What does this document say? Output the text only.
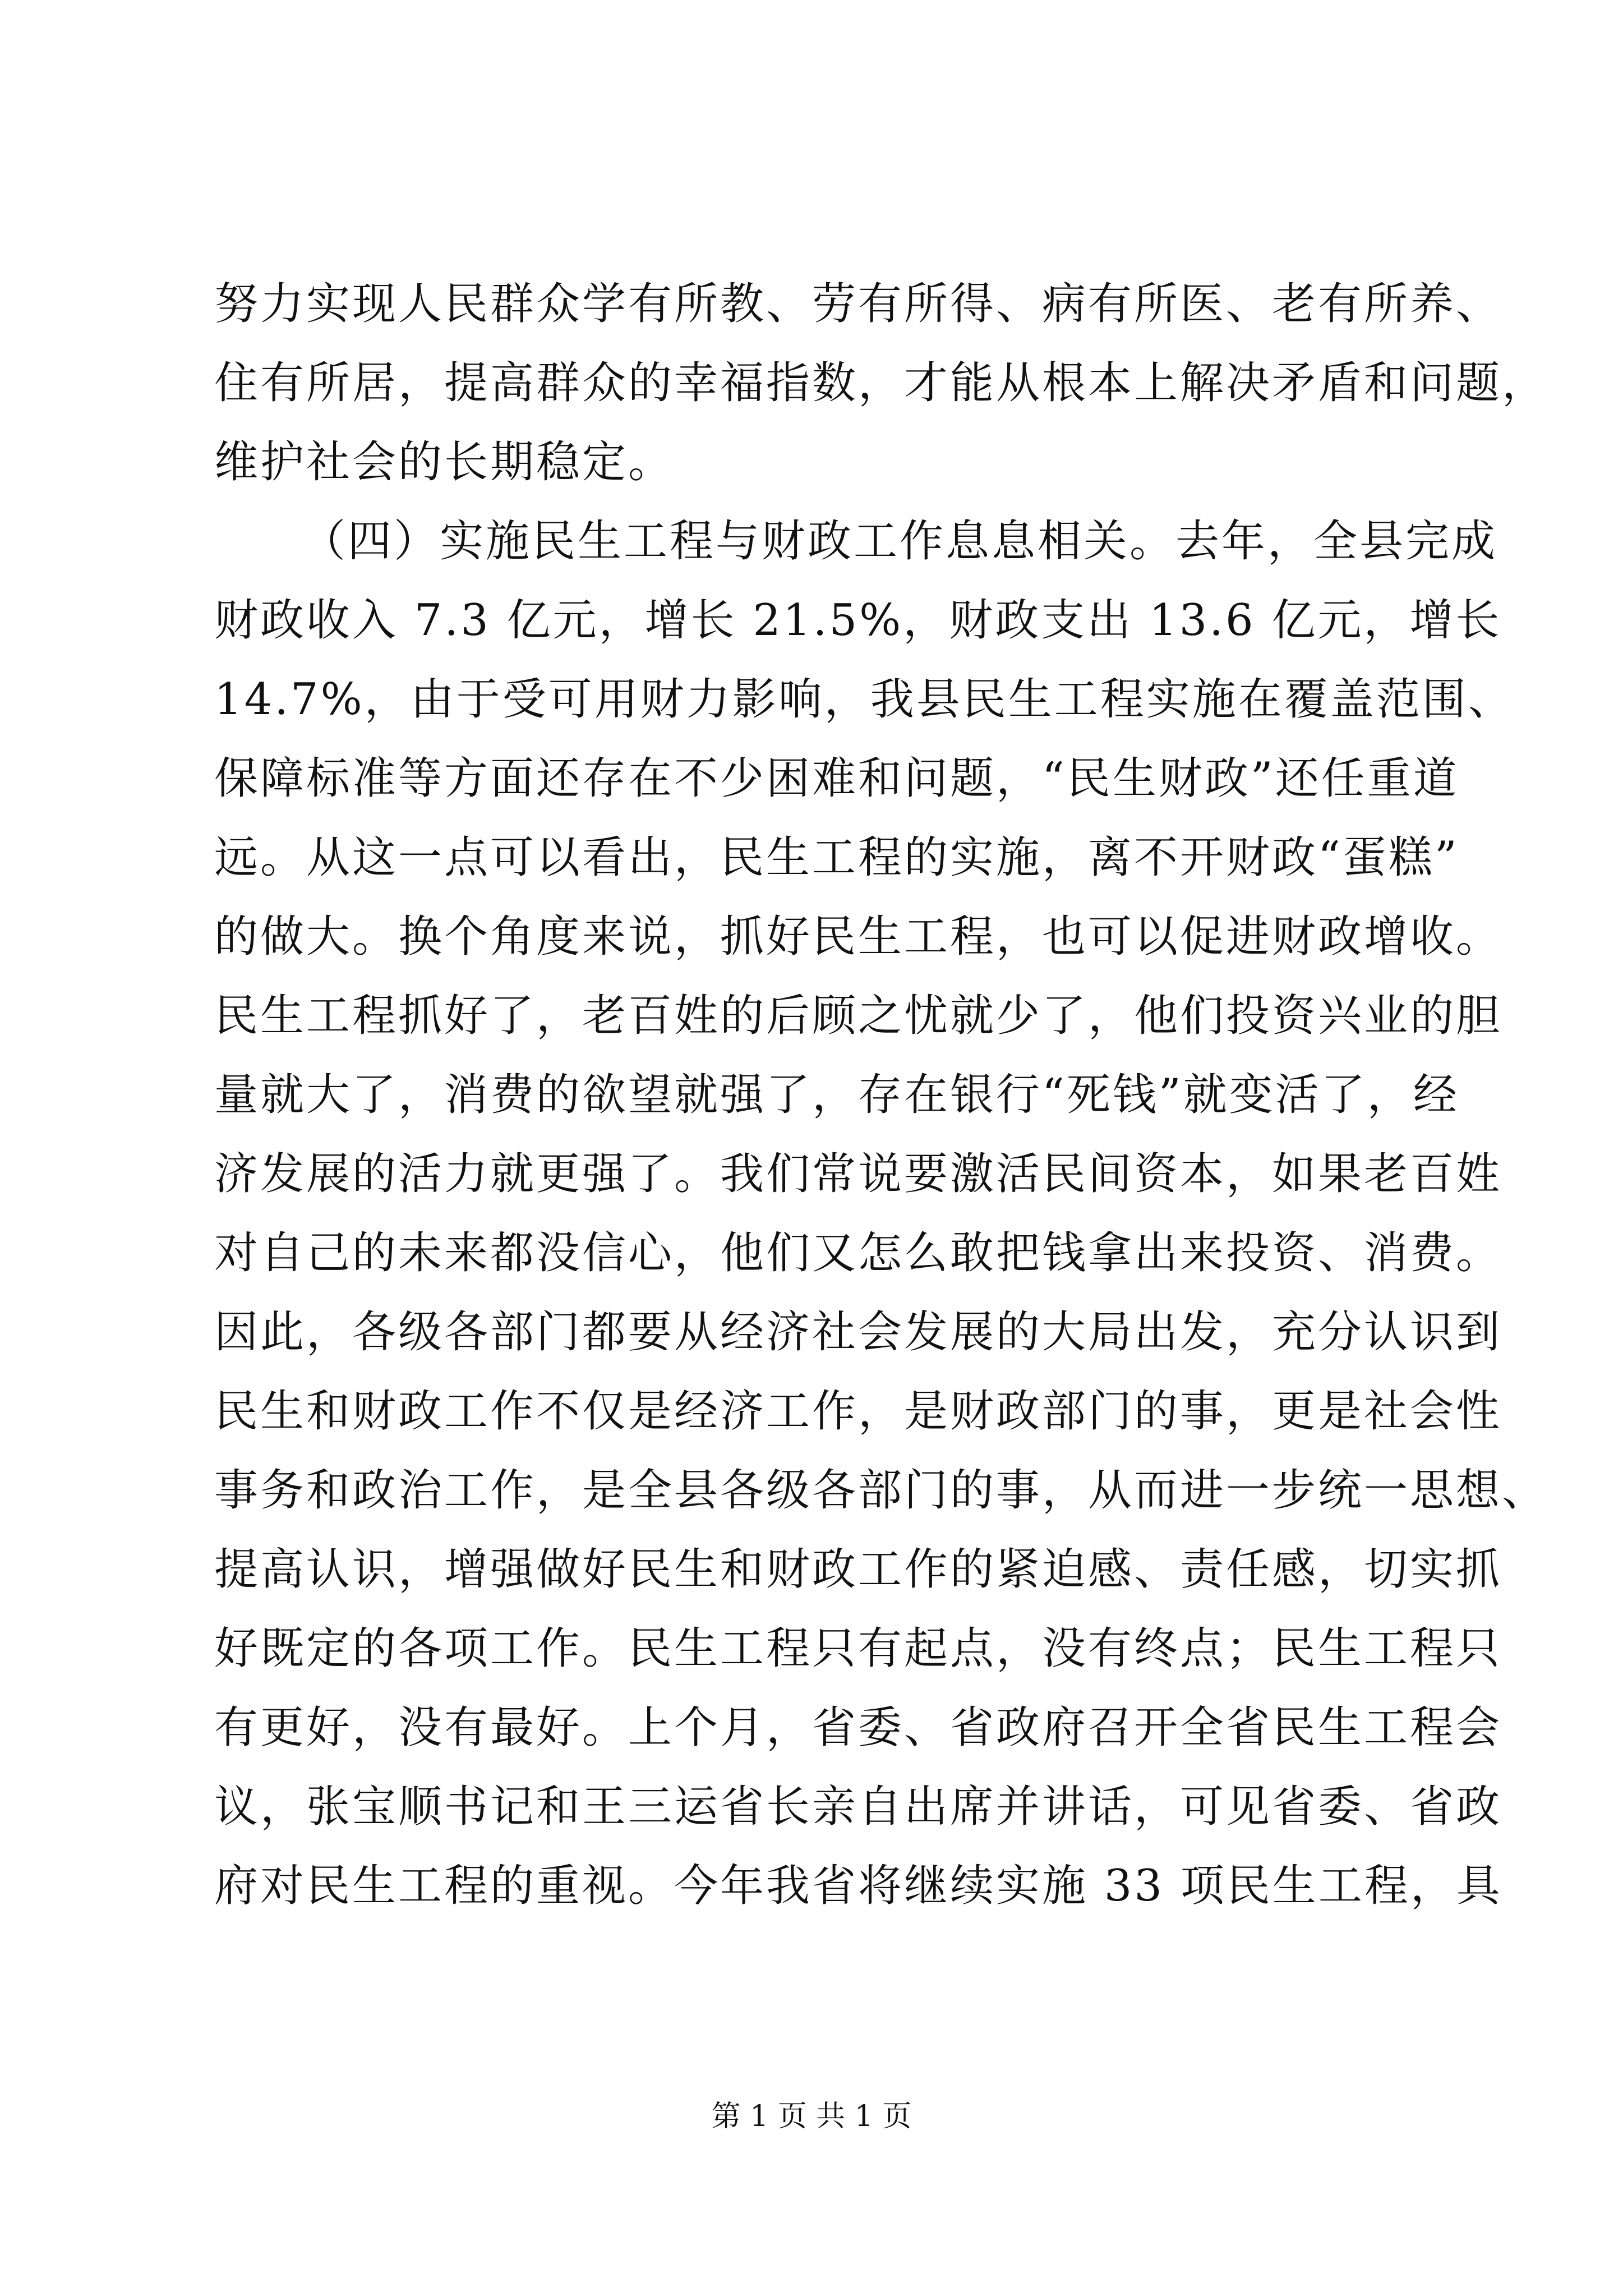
努力实现人民群众学有所教、劳有所得、病有所医、老有所养、
住有所居，提高群众的幸福指数，才能从根本上解决矛盾和问题，
维护社会的长期稳定。
（四）实施民生工程与财政工作息息相关。去年，全县完成
财政收入 7.3 亿元，增长 21.5%，财政支出 13.6 亿元，增长
14.7%，由于受可用财力影响，我县民生工程实施在覆盖范围、
保障标准等方面还存在不少困难和问题，“民生财政”还任重道
远。从这一点可以看出，民生工程的实施，离不开财政“蛋糕”
的做大。换个角度来说，抓好民生工程，也可以促进财政增收。
民生工程抓好了，老百姓的后顾之忧就少了，他们投资兴业的胆
量就大了，消费的欲望就强了，存在银行“死钱”就变活了，经
济发展的活力就更强了。我们常说要激活民间资本，如果老百姓
对自己的未来都没信心，他们又怎么敢把钱拿出来投资、消费。
因此，各级各部门都要从经济社会发展的大局出发，充分认识到
民生和财政工作不仅是经济工作，是财政部门的事，更是社会性
事务和政治工作，是全县各级各部门的事，从而进一步统一思想、
提高认识，增强做好民生和财政工作的紧迫感、责任感，切实抓
好既定的各项工作。民生工程只有起点，没有终点；民生工程只
有更好，没有最好。上个月，省委、省政府召开全省民生工程会
议，张宝顺书记和王三运省长亲自出席并讲话，可见省委、省政
府对民生工程的重视。今年我省将继续实施 33 项民生工程，具
第 1 页 共 1 页
